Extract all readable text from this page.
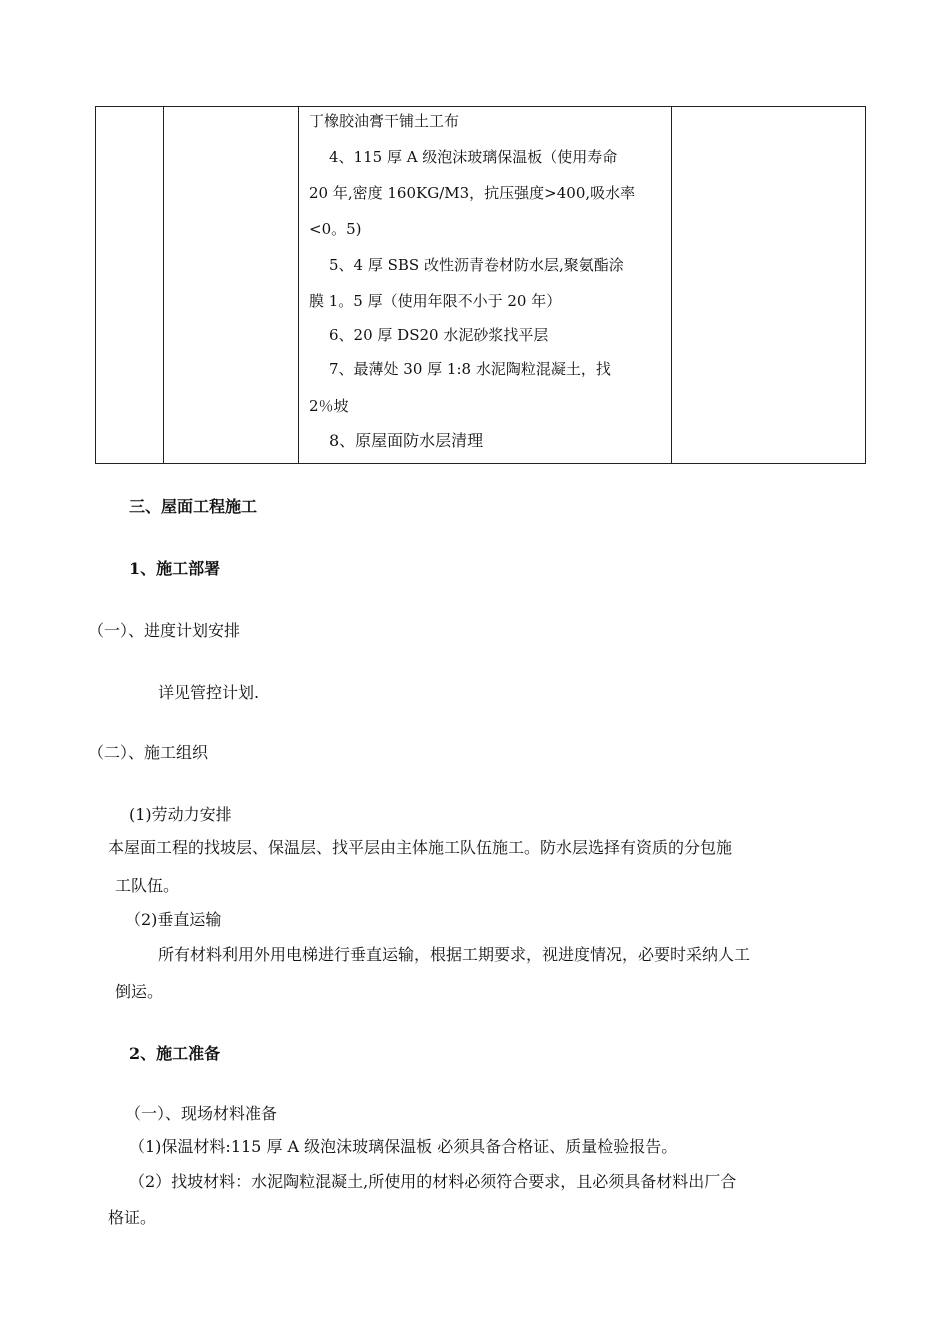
丁橡胶油膏干铺土工布
4、115 厚 A 级泡沫玻璃保温板（使用寿命
20 年,密度 160KG/M3，抗压强度>400,吸水率
<0。5)
5、4 厚 SBS 改性沥青卷材防水层,聚氨酯涂
膜 1。5 厚（使用年限不小于 20 年）
6、20 厚 DS20 水泥砂浆找平层
7、最薄处 30 厚 1:8 水泥陶粒混凝土，找
2％坡
8、原屋面防水层清理

三、屋面工程施工
1、施工部署
（一）、进度计划安排
详见管控计划.
（二）、施工组织
(1)劳动力安排
本屋面工程的找坡层、保温层、找平层由主体施工队伍施工。防水层选择有资质的分包施
工队伍。
（2)垂直运输
所有材料利用外用电梯进行垂直运输，根据工期要求，视进度情况，必要时采纳人工
倒运。
2、施工准备
（一）、现场材料准备
（1)保温材料:115 厚 A 级泡沫玻璃保温板 必须具备合格证、质量检验报告。
（2）找坡材料：水泥陶粒混凝土,所使用的材料必须符合要求，且必须具备材料出厂合
格证。
